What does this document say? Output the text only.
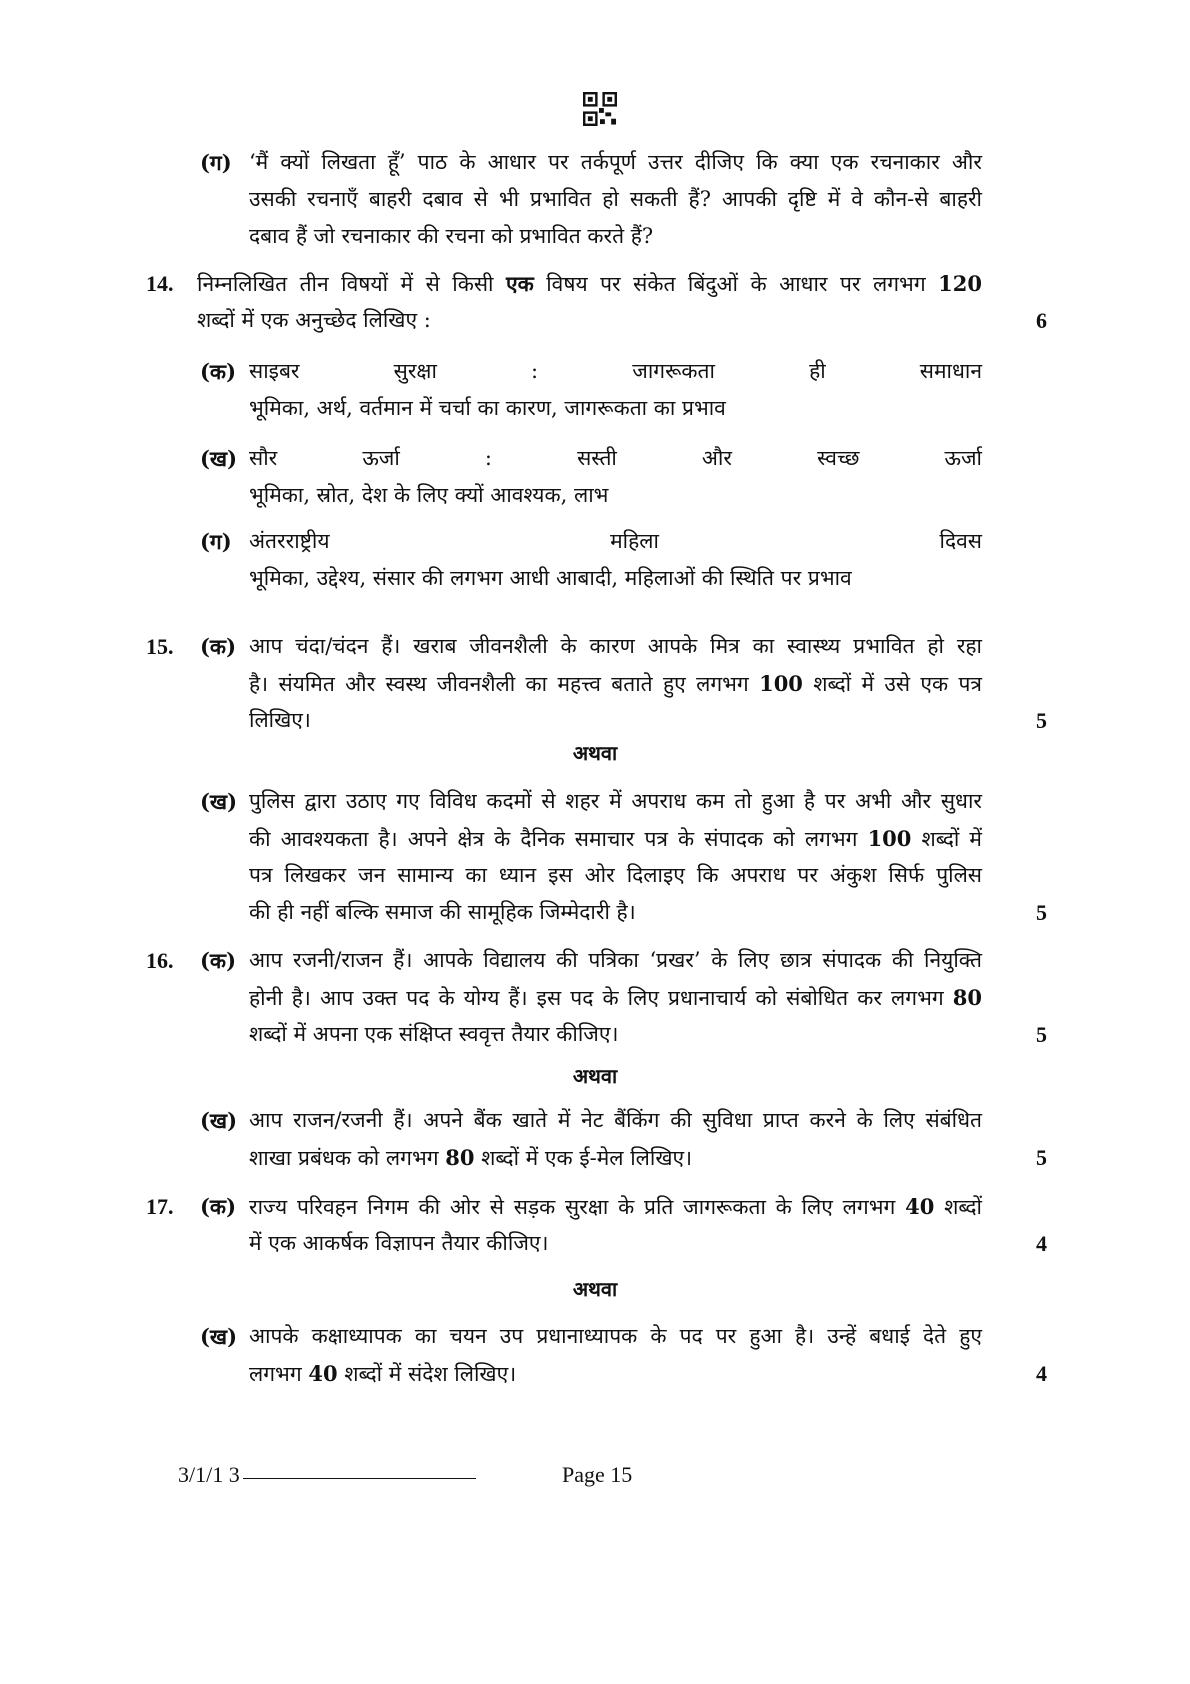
(ग) ‘मैं क्यों लिखता हूँ’ पाठ के आधार पर तर्कपूर्ण उत्तर दीजिए कि क्या एक रचनाकार और
उसकी रचनाएँ बाहरी दबाव से भी प्रभावित हो सकती हैं? आपकी दृष्टि में वे कौन-से बाहरी
दबाव हैं जो रचनाकार की रचना को प्रभावित करते हैं?
14. निम्नलिखित तीन विषयों में से किसी एक विषय पर संकेत बिंदुओं के आधार पर लगभग 120
शब्दों में एक अनुच्छेद लिखिए :	6
(क) साइबर सुरक्षा : जागरूकता ही समाधान
भूमिका, अर्थ, वर्तमान में चर्चा का कारण, जागरूकता का प्रभाव
(ख) सौर ऊर्जा : सस्ती और स्वच्छ ऊर्जा
भूमिका, स्रोत, देश के लिए क्यों आवश्यक, लाभ
(ग) अंतरराष्ट्रीय महिला दिवस
भूमिका, उद्देश्य, संसार की लगभग आधी आबादी, महिलाओं की स्थिति पर प्रभाव
15. (क) आप चंदा/चंदन हैं। खराब जीवनशैली के कारण आपके मित्र का स्वास्थ्य प्रभावित हो रहा
है। संयमित और स्वस्थ जीवनशैली का महत्त्व बताते हुए लगभग 100 शब्दों में उसे एक पत्र
लिखिए।	5
अथवा
(ख) पुलिस द्वारा उठाए गए विविध कदमों से शहर में अपराध कम तो हुआ है पर अभी और सुधार
की आवश्यकता है। अपने क्षेत्र के दैनिक समाचार पत्र के संपादक को लगभग 100 शब्दों में
पत्र लिखकर जन सामान्य का ध्यान इस ओर दिलाइए कि अपराध पर अंकुश सिर्फ पुलिस
की ही नहीं बल्कि समाज की सामूहिक जिम्मेदारी है।	5
16. (क) आप रजनी/राजन हैं। आपके विद्यालय की पत्रिका ‘प्रखर’ के लिए छात्र संपादक की नियुक्ति
होनी है। आप उक्त पद के योग्य हैं। इस पद के लिए प्रधानाचार्य को संबोधित कर लगभग 80
शब्दों में अपना एक संक्षिप्त स्ववृत्त तैयार कीजिए।	5
अथवा
(ख) आप राजन/रजनी हैं। अपने बैंक खाते में नेट बैंकिंग की सुविधा प्राप्त करने के लिए संबंधित
शाखा प्रबंधक को लगभग 80 शब्दों में एक ई-मेल लिखिए।	5
17. (क) राज्य परिवहन निगम की ओर से सड़क सुरक्षा के प्रति जागरूकता के लिए लगभग 40 शब्दों
में एक आकर्षक विज्ञापन तैयार कीजिए।	4
अथवा
(ख) आपके कक्षाध्यापक का चयन उप प्रधानाध्यापक के पद पर हुआ है। उन्हें बधाई देते हुए
लगभग 40 शब्दों में संदेश लिखिए।	4
3/1/1 3	Page 15
